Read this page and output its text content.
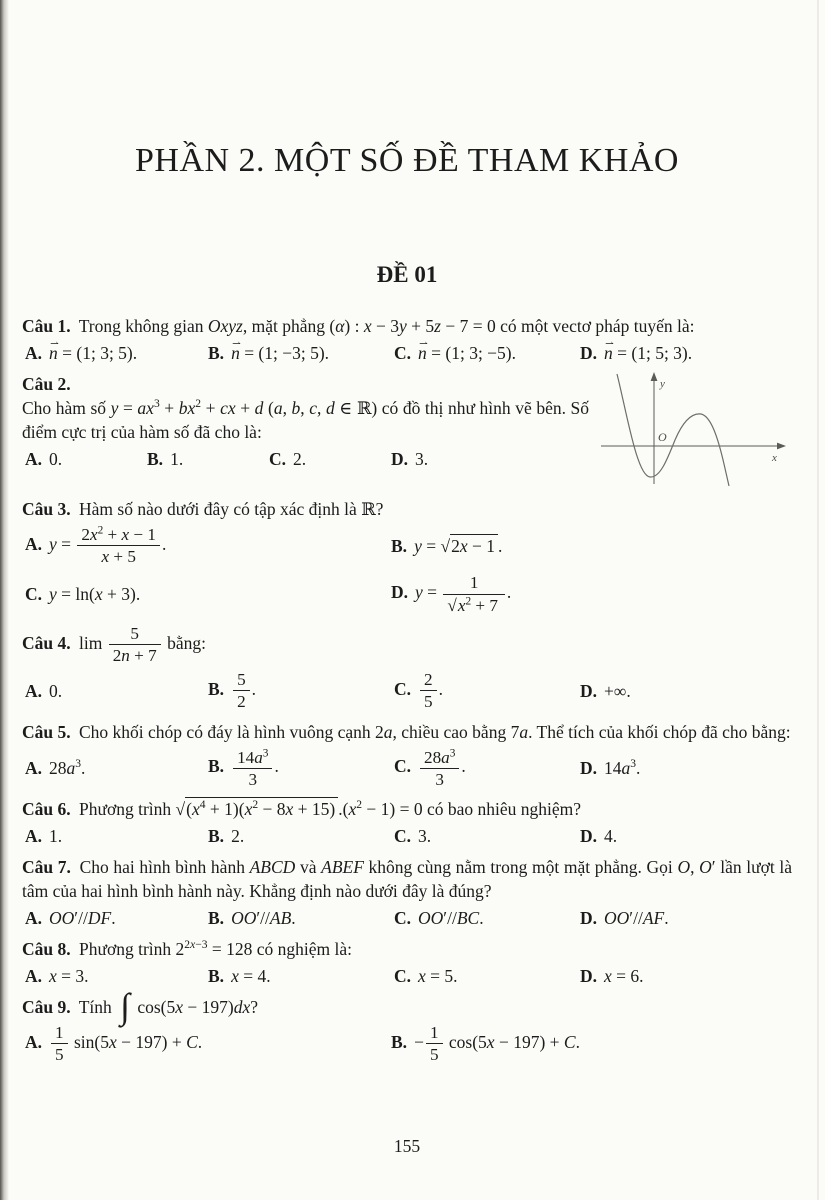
PHẦN 2. MỘT SỐ ĐỀ THAM KHẢO
ĐỀ 01
Câu 1. Trong không gian Oxyz, mặt phẳng (α) : x − 3y + 5z − 7 = 0 có một vectơ pháp tuyến là:
A. ⇀ n = (1; 3; 5).	B. ⇀ n = (1; −3; 5).	C. ⇀ n = (1; 3; −5).	D. ⇀ n = (1; 5; 3).
Câu 2.
Cho hàm số $y = ax^3 + bx^2$ + cx + d (a, b, c, d ∈ ℝ) có đồ thị như hình vẽ bên. Số điểm cực trị của hàm số đã cho là:
A. 0.	B. 1.	C. 2.	D. 3.
y
x
O
Câu 3. Hàm số nào dưới đây có tập xác định là ℝ?
A. $y = \frac{2x^2 + x - 1}{x + 5}$ .	B. y = √2x − 1 .
C. y = ln(x + 3).	D. $y = \frac{1}{√x^2 + 7}$ .
Câu 4. $\lim \frac{5}{2n + 7}$ bằng:
A. 0.	B. $\frac{5}{2}$ .	C. $\frac{2}{5}$ .	D. +∞.
Câu 5. Cho khối chóp có đáy là hình vuông cạnh 2a, chiều cao bằng 7a. Thể tích của khối chóp đã cho bằng:
A. $28a^3$.	B. $\frac{14a^3}{3}$ .	C. $\frac{28a^3}{3}$ .	D. $14a^3$.
Câu 6. Phương trình $√(x^4 + 1)(x^2 - 8x + 15) .(x^2 - 1) = 0$ có bao nhiêu nghiệm?
A. 1.	B. 2.	C. 3.	D. 4.
Câu 7. Cho hai hình bình hành ABCD và ABEF không cùng nằm trong một mặt phẳng. Gọi O, O′ lần lượt là tâm của hai hình bình hành này. Khẳng định nào dưới đây là đúng?
A. OO′//DF.	B. OO′//AB.	C. OO′//BC.	D. OO′//AF.
Câu 8. Phương trình $2^{2x-3} = 128$ có nghiệm là:
A. x = 3.	B. x = 4.	C. x = 5.	D. x = 6.
Câu 9. Tính ∫ cos(5x − 197)dx?
A. $\frac{1}{5} \sin(5x - 197) + C$.	B. − $\frac{1}{5} \cos(5x - 197) + C$.
155
